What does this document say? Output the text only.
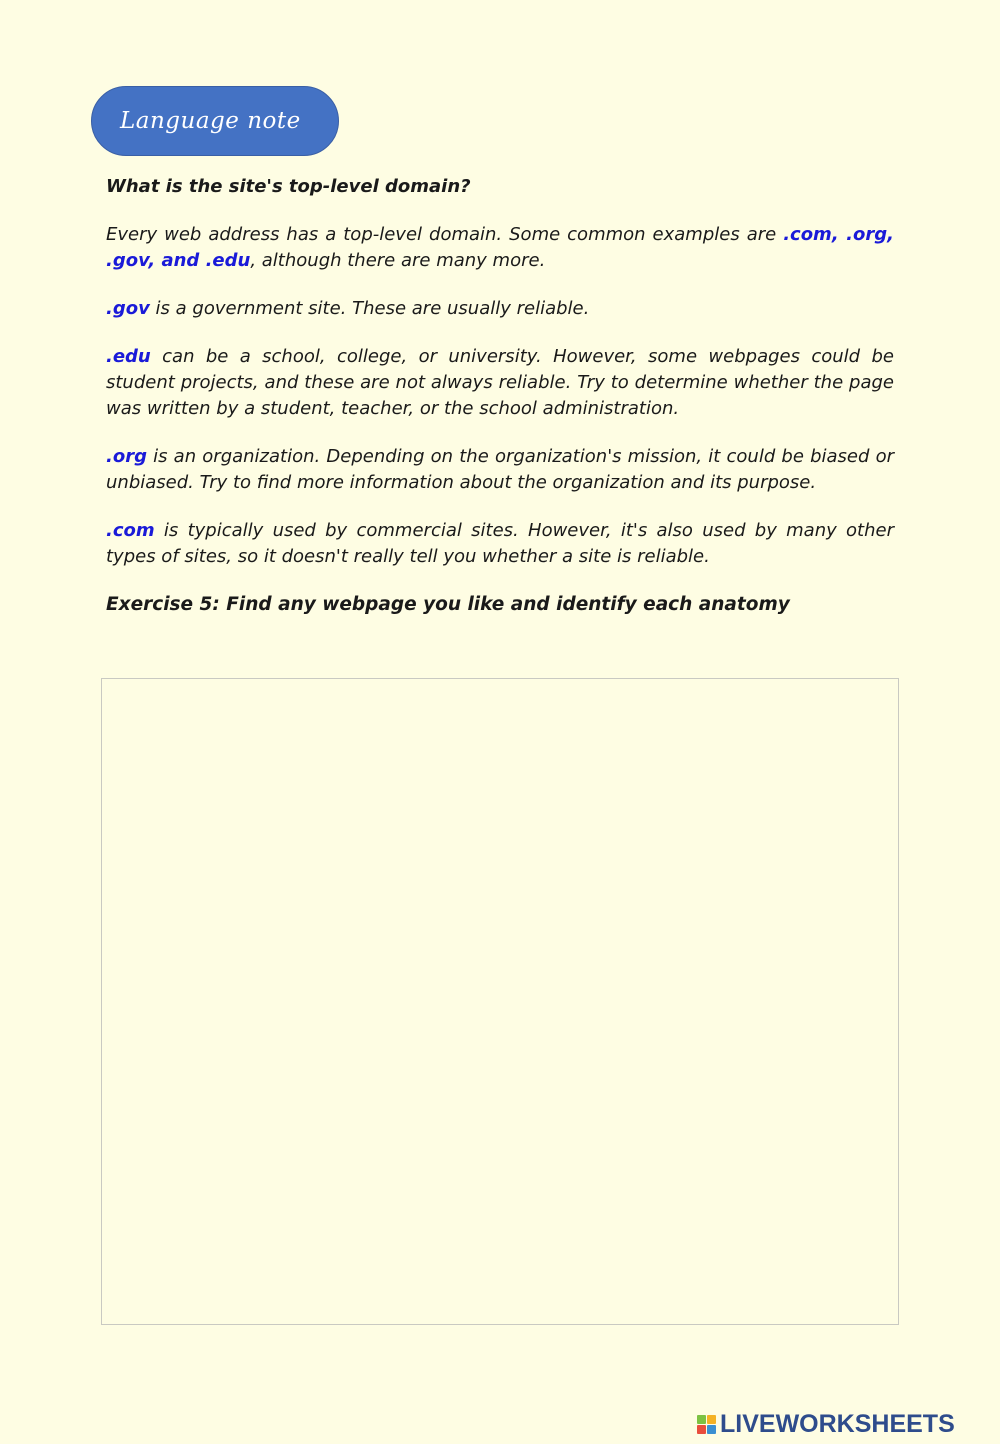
Language note

What is the site's top-level domain?

Every web address has a top-level domain. Some common examples are .com, .org, .gov, and .edu, although there are many more.

.gov is a government site. These are usually reliable.

.edu can be a school, college, or university. However, some webpages could be student projects, and these are not always reliable. Try to determine whether the page was written by a student, teacher, or the school administration.

.org is an organization. Depending on the organization's mission, it could be biased or unbiased. Try to find more information about the organization and its purpose.

.com is typically used by commercial sites. However, it's also used by many other types of sites, so it doesn't really tell you whether a site is reliable.

Exercise 5: Find any webpage you like and identify each anatomy

LIVEWORKSHEETS
